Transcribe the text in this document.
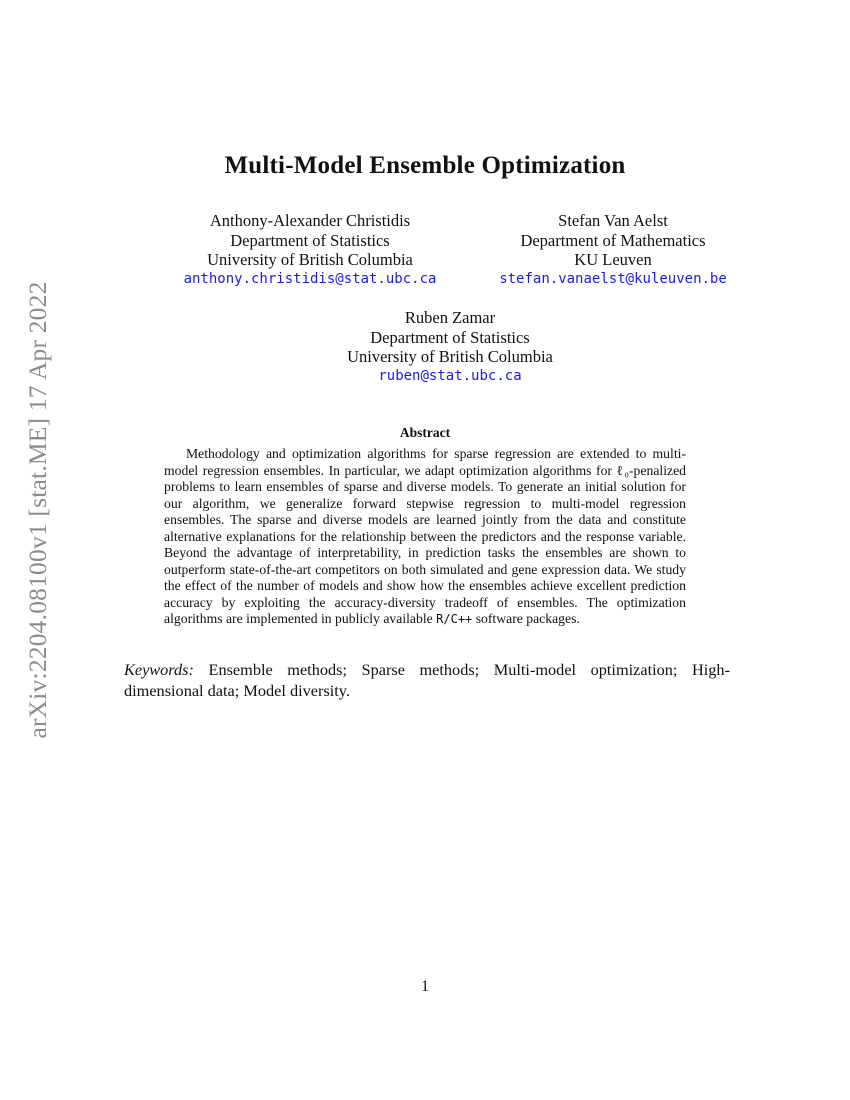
arXiv:2204.08100v1 [stat.ME] 17 Apr 2022
Multi-Model Ensemble Optimization
Anthony-Alexander Christidis
Department of Statistics
University of British Columbia
anthony.christidis@stat.ubc.ca
Stefan Van Aelst
Department of Mathematics
KU Leuven
stefan.vanaelst@kuleuven.be
Ruben Zamar
Department of Statistics
University of British Columbia
ruben@stat.ubc.ca
Abstract
Methodology and optimization algorithms for sparse regression are extended to multi-model regression ensembles. In particular, we adapt optimization algorithms for ℓ₀-penalized problems to learn ensembles of sparse and diverse models. To generate an initial solution for our algorithm, we generalize forward stepwise regression to multi-model regression ensembles. The sparse and diverse models are learned jointly from the data and constitute alternative explanations for the relationship between the predictors and the response variable. Beyond the advantage of interpretability, in prediction tasks the ensembles are shown to outperform state-of-the-art competitors on both simulated and gene expression data. We study the effect of the number of models and show how the ensembles achieve excellent prediction accuracy by exploiting the accuracy-diversity tradeoff of ensembles. The optimization algorithms are implemented in publicly available R/C++ software packages.
Keywords: Ensemble methods; Sparse methods; Multi-model optimization; High-dimensional data; Model diversity.
1
